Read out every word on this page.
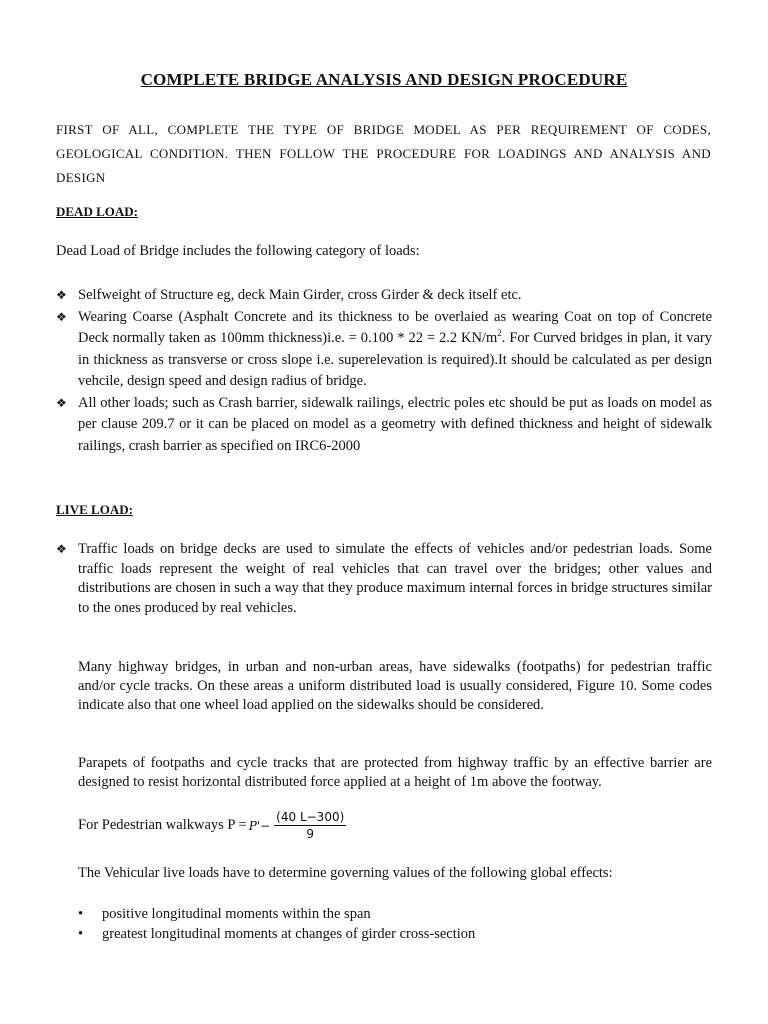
COMPLETE BRIDGE ANALYSIS AND DESIGN PROCEDURE
FIRST OF ALL, COMPLETE THE TYPE OF BRIDGE MODEL AS PER REQUIREMENT OF CODES, GEOLOGICAL CONDITION. THEN FOLLOW THE PROCEDURE FOR LOADINGS AND ANALYSIS AND DESIGN
DEAD LOAD:
Dead Load of Bridge includes the following category of loads:
❖ Selfweight of Structure eg, deck Main Girder, cross Girder & deck itself etc.
❖ Wearing Coarse (Asphalt Concrete and its thickness to be overlaied as wearing Coat on top of Concrete Deck normally taken as 100mm thickness)i.e. = 0.100 * 22 = 2.2 $KN/m^2$. For Curved bridges in plan, it vary in thickness as transverse or cross slope i.e. superelevation is required).It should be calculated as per design vehcile, design speed and design radius of bridge.
❖ All other loads; such as Crash barrier, sidewalk railings, electric poles etc should be put as loads on model as per clause 209.7 or it can be placed on model as a geometry with defined thickness and height of sidewalk railings, crash barrier as specified on IRC6-2000
LIVE LOAD:
❖ Traffic loads on bridge decks are used to simulate the effects of vehicles and/or pedestrian loads. Some traffic loads represent the weight of real vehicles that can travel over the bridges; other values and distributions are chosen in such a way that they produce maximum internal forces in bridge structures similar to the ones produced by real vehicles.
Many highway bridges, in urban and non-urban areas, have sidewalks (footpaths) for pedestrian traffic and/or cycle tracks. On these areas a uniform distributed load is usually considered, Figure 10. Some codes indicate also that one wheel load applied on the sidewalks should be considered.
Parapets of footpaths and cycle tracks that are protected from highway traffic by an effective barrier are designed to resist horizontal distributed force applied at a height of 1m above the footway.
For Pedestrian walkways $P = P'- \frac{(40 L-300)}{9}$
The Vehicular live loads have to determine governing values of the following global effects:
• positive longitudinal moments within the span
• greatest longitudinal moments at changes of girder cross-section
